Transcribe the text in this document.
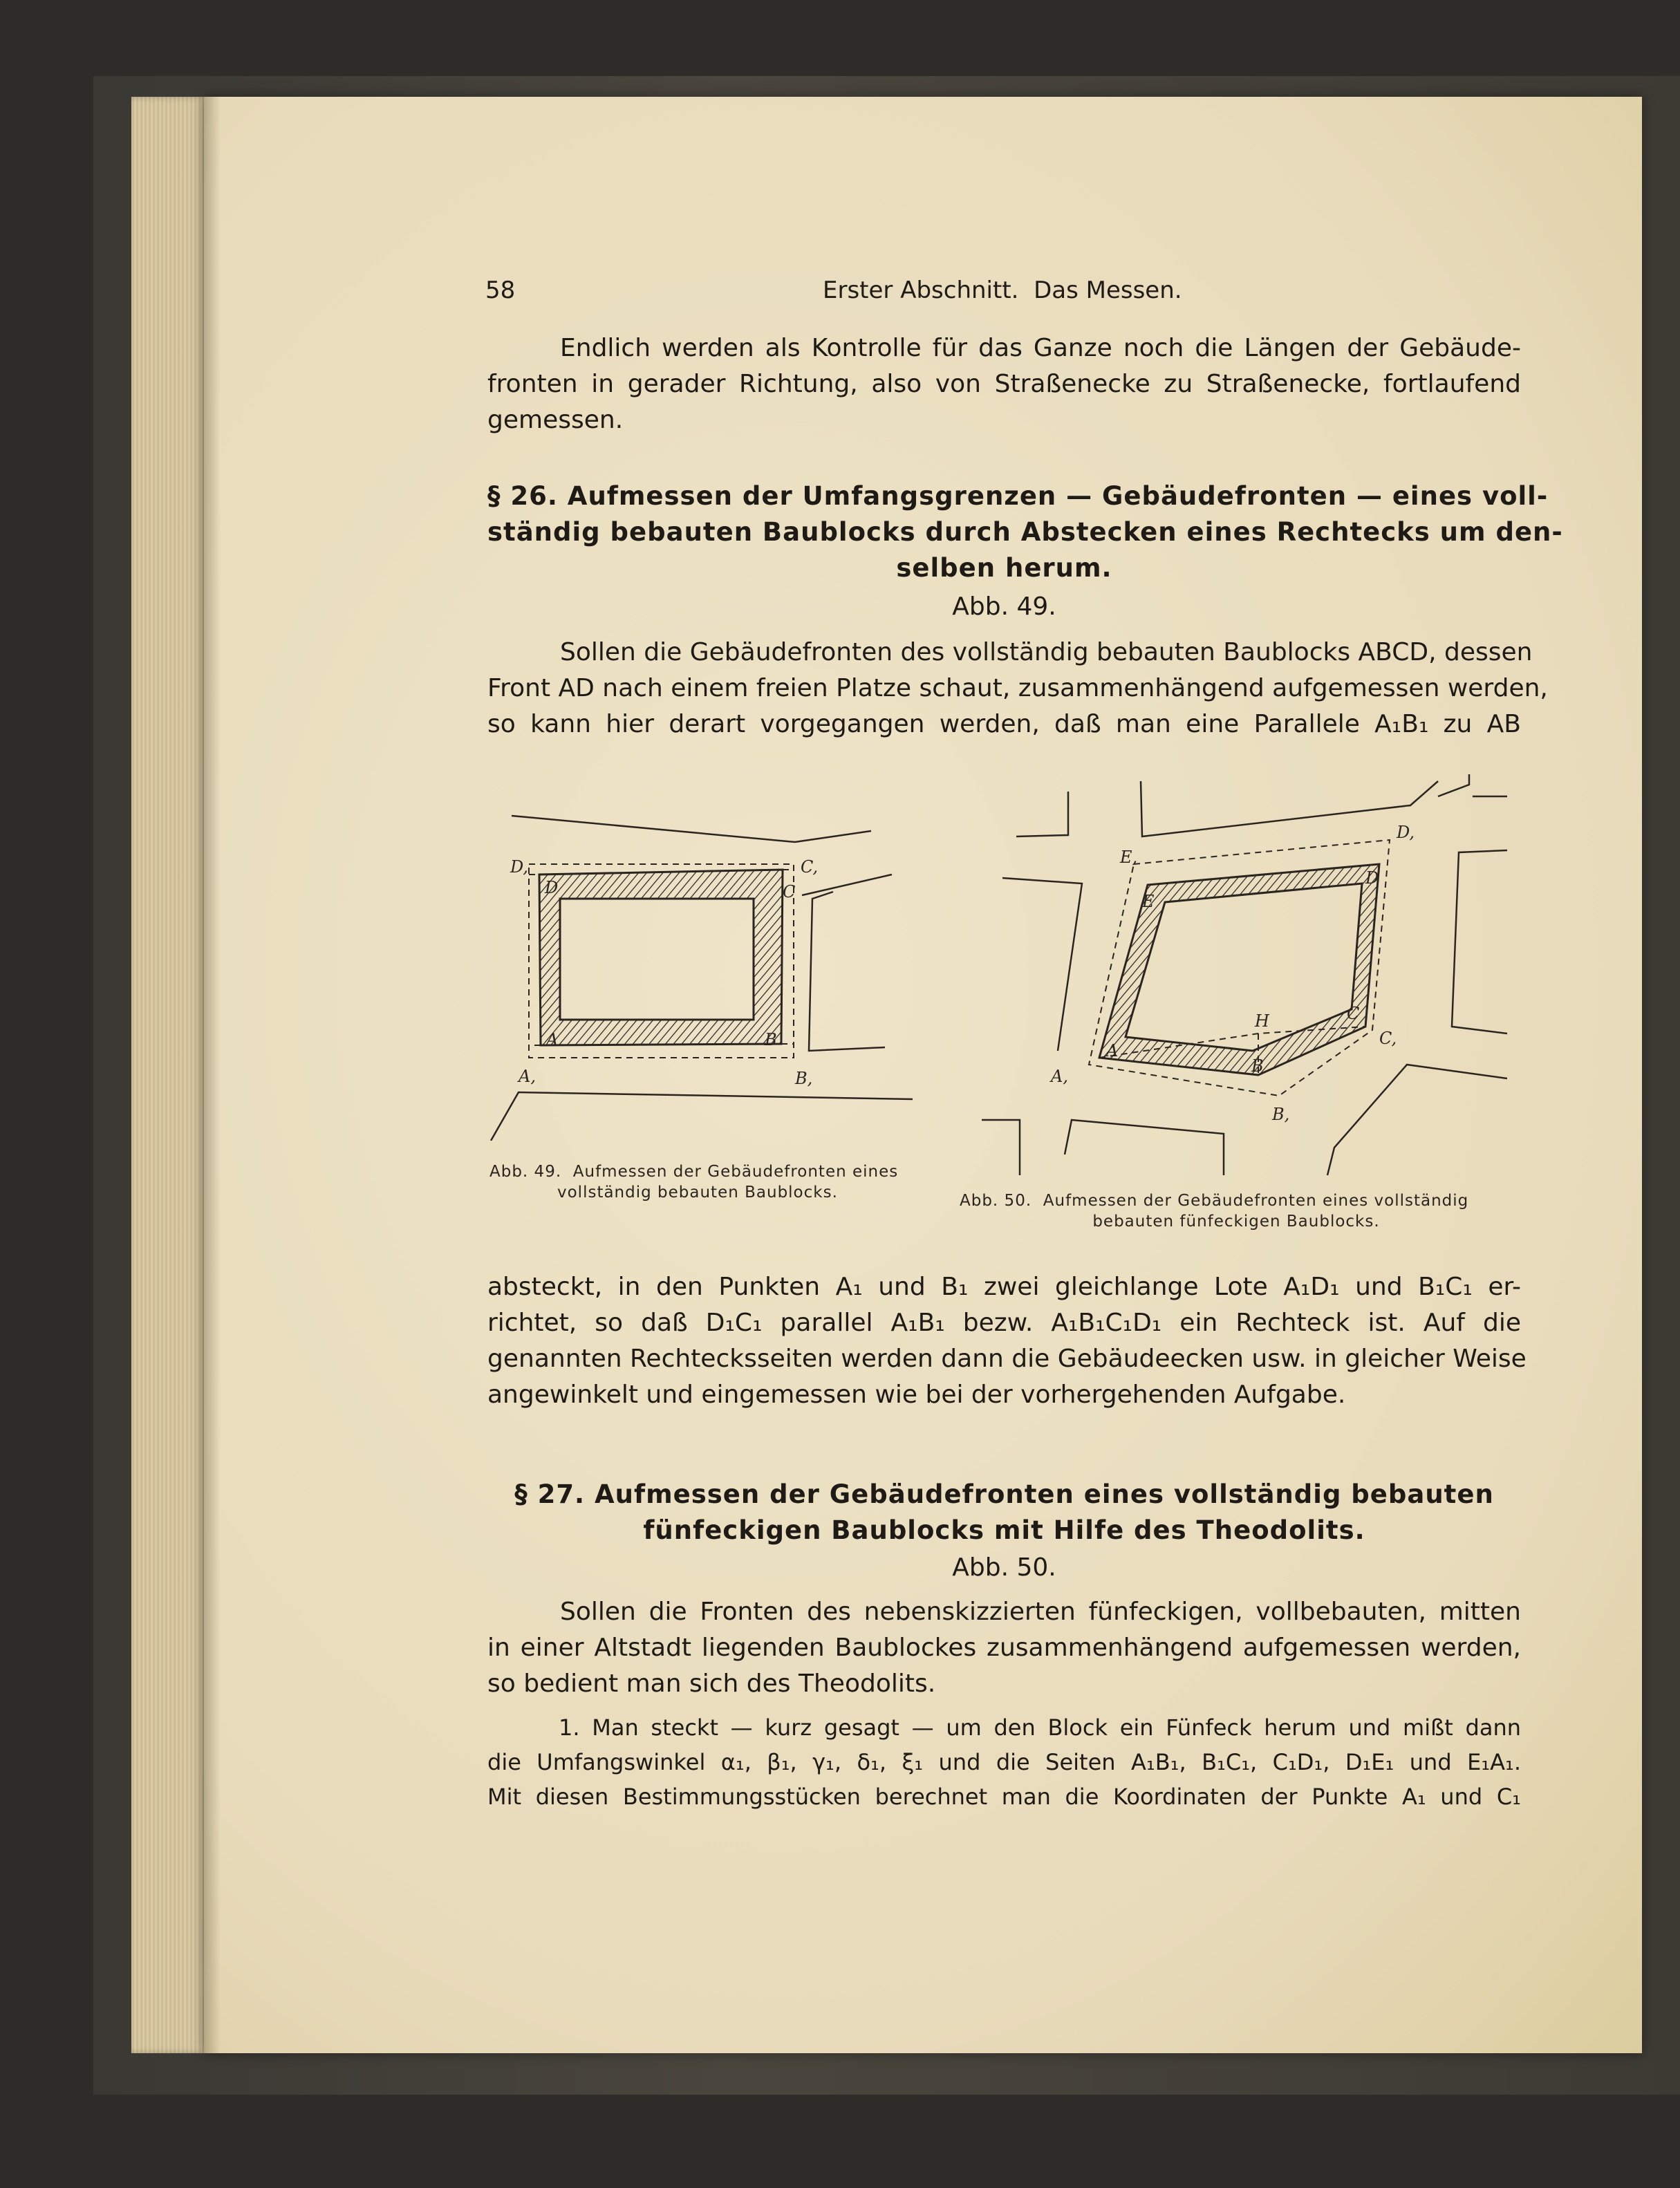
58	Erster Abschnitt.  Das Messen.
Endlich werden als Kontrolle für das Ganze noch die Längen der Gebäude-
fronten in gerader Richtung, also von Straßenecke zu Straßenecke, fortlaufend
gemessen.
§ 26. Aufmessen der Umfangsgrenzen — Gebäudefronten — eines voll-
ständig bebauten Baublocks durch Abstecken eines Rechtecks um den-
selben herum.
Abb. 49.
Sollen die Gebäudefronten des vollständig bebauten Baublocks ABCD, dessen
Front AD nach einem freien Platze schaut, zusammenhängend aufgemessen werden,
so kann hier derart vorgegangen werden, daß man eine Parallele A₁B₁ zu AB
D,	C,
D	C
A	B
A,	B,
Abb. 49.  Aufmessen der Gebäudefronten eines
vollständig bebauten Baublocks.
E,
D,
E
D
H	C
C,
A
B
A,
B,
Abb. 50.  Aufmessen der Gebäudefronten eines vollständig
bebauten fünfeckigen Baublocks.
absteckt, in den Punkten A₁ und B₁ zwei gleichlange Lote A₁D₁ und B₁C₁ er-
richtet, so daß D₁C₁ parallel A₁B₁ bezw. A₁B₁C₁D₁ ein Rechteck ist. Auf die
genannten Rechtecksseiten werden dann die Gebäudeecken usw. in gleicher Weise
angewinkelt und eingemessen wie bei der vorhergehenden Aufgabe.
§ 27. Aufmessen der Gebäudefronten eines vollständig bebauten
fünfeckigen Baublocks mit Hilfe des Theodolits.
Abb. 50.
Sollen die Fronten des nebenskizzierten fünfeckigen, vollbebauten, mitten
in einer Altstadt liegenden Baublockes zusammenhängend aufgemessen werden,
so bedient man sich des Theodolits.
1. Man steckt — kurz gesagt — um den Block ein Fünfeck herum und mißt dann
die Umfangswinkel α₁, β₁, γ₁, δ₁, ξ₁ und die Seiten A₁B₁, B₁C₁, C₁D₁, D₁E₁ und E₁A₁.
Mit diesen Bestimmungsstücken berechnet man die Koordinaten der Punkte A₁ und C₁
